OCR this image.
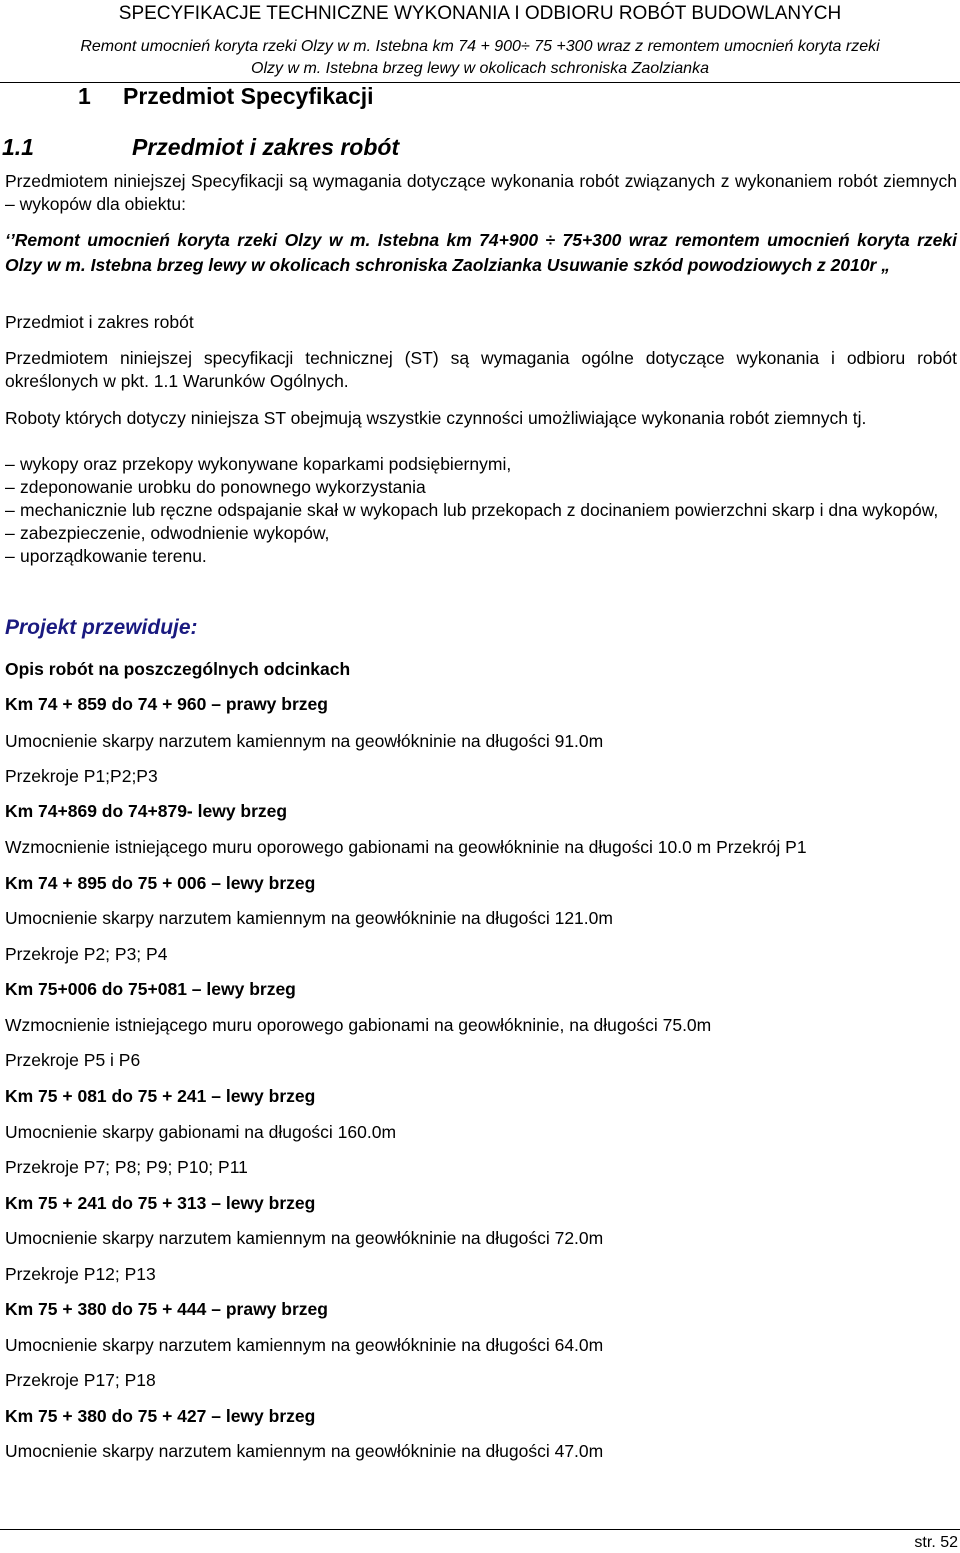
SPECYFIKACJE TECHNICZNE WYKONANIA I ODBIORU ROBÓT BUDOWLANYCH
Remont umocnień koryta rzeki Olzy w m. Istebna km 74 + 900÷ 75 +300 wraz z remontem umocnień koryta rzeki
Olzy w m. Istebna brzeg lewy w okolicach schroniska Zaolzianka
1 Przedmiot Specyfikacji
1.1	Przedmiot i zakres robót
Przedmiotem niniejszej Specyfikacji są wymagania dotyczące wykonania robót związanych z wykonaniem robót ziemnych – wykopów dla obiektu:
‘’Remont umocnień koryta rzeki Olzy w m. Istebna km 74+900 ÷ 75+300 wraz remontem umocnień koryta rzeki Olzy w m. Istebna brzeg lewy w okolicach schroniska Zaolzianka Usuwanie szkód powodziowych z 2010r „
Przedmiot i zakres robót
Przedmiotem niniejszej specyfikacji technicznej (ST) są wymagania ogólne dotyczące wykonania i odbioru robót określonych w pkt. 1.1 Warunków Ogólnych.
Roboty których dotyczy niniejsza ST obejmują wszystkie czynności umożliwiające wykonania robót ziemnych tj.
– wykopy oraz przekopy wykonywane koparkami podsiębiernymi,
– zdeponowanie urobku do ponownego wykorzystania
– mechanicznie lub ręczne odspajanie skał w wykopach lub przekopach z docinaniem powierzchni skarp i dna wykopów,
– zabezpieczenie, odwodnienie wykopów,
– uporządkowanie terenu.
Projekt przewiduje:
Opis robót na poszczególnych odcinkach
Km 74 + 859 do 74 + 960 – prawy brzeg
Umocnienie skarpy narzutem kamiennym na geowłókninie na długości 91.0m
Przekroje P1;P2;P3
Km 74+869 do 74+879- lewy brzeg
Wzmocnienie istniejącego muru oporowego gabionami na geowłókninie na długości 10.0 m Przekrój P1
Km 74 + 895 do 75 + 006 – lewy brzeg
Umocnienie skarpy narzutem kamiennym na geowłókninie na długości 121.0m
Przekroje P2; P3; P4
Km 75+006 do 75+081 – lewy brzeg
Wzmocnienie istniejącego muru oporowego gabionami na geowłókninie, na długości 75.0m
Przekroje P5 i P6
Km 75 + 081 do 75 + 241 – lewy brzeg
Umocnienie skarpy gabionami na długości 160.0m
Przekroje P7; P8; P9; P10; P11
Km 75 + 241 do 75 + 313 – lewy brzeg
Umocnienie skarpy narzutem kamiennym na geowłókninie na długości 72.0m
Przekroje P12; P13
Km 75 + 380 do 75 + 444 – prawy brzeg
Umocnienie skarpy narzutem kamiennym na geowłókninie na długości 64.0m
Przekroje P17; P18
Km 75 + 380 do 75 + 427 – lewy brzeg
Umocnienie skarpy narzutem kamiennym na geowłókninie na długości 47.0m
str. 52
